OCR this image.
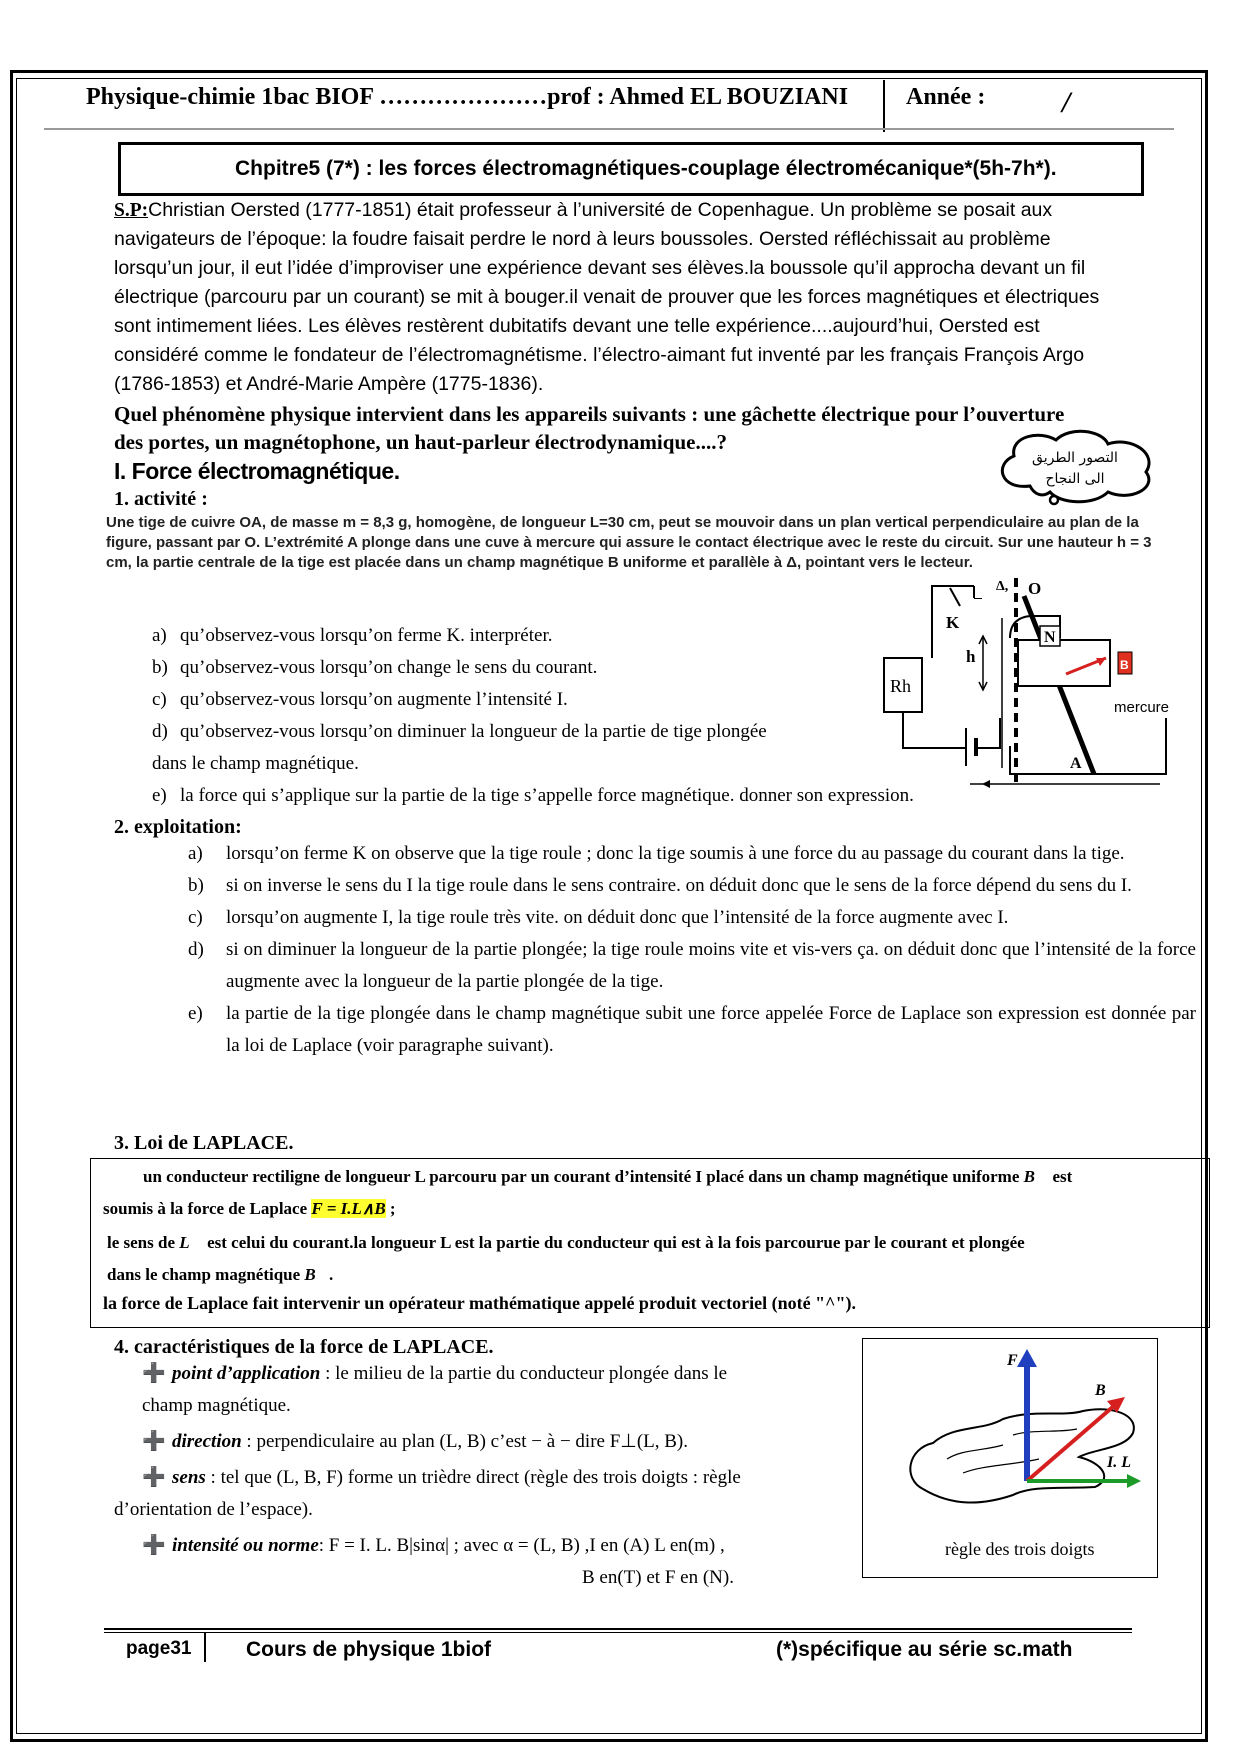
Physique-chimie 1bac BIOF …………………prof : Ahmed EL BOUZIANI Année :	/
Chpitre5 (7*) : les forces électromagnétiques-couplage électromécanique*(5h-7h*).
S.P:Christian Oersted (1777-1851) était professeur à l’université de Copenhague. Un problème se posait aux navigateurs de l’époque: la foudre faisait perdre le nord à leurs boussoles. Oersted réfléchissait au problème lorsqu’un jour, il eut l’idée d’improviser une expérience devant ses élèves.la boussole qu’il approcha devant un fil électrique (parcouru par un courant) se mit à bouger.il venait de prouver que les forces magnétiques et électriques sont intimement liées. Les élèves restèrent dubitatifs devant une telle expérience....aujourd’hui, Oersted est considéré comme le fondateur de l’électromagnétisme. l’électro-aimant fut inventé par les français François Argo (1786-1853) et André-Marie Ampère (1775-1836).
Quel phénomène physique intervient dans les appareils suivants : une gâchette électrique pour l’ouverture des portes, un magnétophone, un haut-parleur électrodynamique....?
I. Force électromagnétique.
1. activité :
التصور الطريق
الى النجاح
Une tige de cuivre OA, de masse m = 8,3 g, homogène, de longueur L=30 cm, peut se mouvoir dans un plan vertical perpendiculaire au plan de la figure, passant par O. L’extrémité A plonge dans une cuve à mercure qui assure le contact électrique avec le reste du circuit. Sur une hauteur h = 3 cm, la partie centrale de la tige est placée dans un champ magnétique B uniforme et parallèle à Δ, pointant vers le lecteur.
a) qu’observez-vous lorsqu’on ferme K. interpréter.
b) qu’observez-vous lorsqu’on change le sens du courant.
c) qu’observez-vous lorsqu’on augmente l’intensité I.
d) qu’observez-vous lorsqu’on diminuer la longueur de la partie de tige plongée
dans le champ magnétique.
e) la force qui s’applique sur la partie de la tige s’appelle force magnétique. donner son expression.
Rh
h
K
Δ, O
N
B
mercure
A
2. exploitation:
a) lorsqu’on ferme K on observe que la tige roule ; donc la tige soumis à une force du au passage du courant dans la tige.
b) si on inverse le sens du I la tige roule dans le sens contraire. on déduit donc que le sens de la force dépend du sens du I.
c) lorsqu’on augmente I, la tige roule très vite. on déduit donc que l’intensité de la force augmente avec I.
d) si on diminuer la longueur de la partie plongée; la tige roule moins vite et vis-vers ça. on déduit donc que l’intensité de la force augmente avec la longueur de la partie plongée de la tige.
e) la partie de la tige plongée dans le champ magnétique subit une force appelée Force de Laplace son expression est donnée par la loi de Laplace (voir paragraphe suivant).
3. Loi de LAPLACE.
un conducteur rectiligne de longueur L parcouru par un courant d’intensité I placé dans un champ magnétique uniforme B⃗ est
soumis à la force de Laplace F = I.L∧B ;
le sens de L⃗ est celui du courant.la longueur L est la partie du conducteur qui est à la fois parcourue par le courant et plongée
dans le champ magnétique B⃗.
la force de Laplace fait intervenir un opérateur mathématique appelé produit vectoriel (noté "^").
4. caractéristiques de la force de LAPLACE.
➕ point d’application : le milieu de la partie du conducteur plongée dans le
champ magnétique.
➕ direction : perpendiculaire au plan (L, B) c’est − à − dire F⊥(L, B).
➕ sens : tel que (L, B, F) forme un trièdre direct (règle des trois doigts : règle
d’orientation de l’espace).
➕ intensité ou norme: F = I. L. B|sinα| ; avec α = (L, B) ,I en (A) L en(m) ,
B en(T) et F en (N).
F
B
I. L
règle des trois doigts
page31	Cours de physique 1biof	(*)spécifique au série sc.math
